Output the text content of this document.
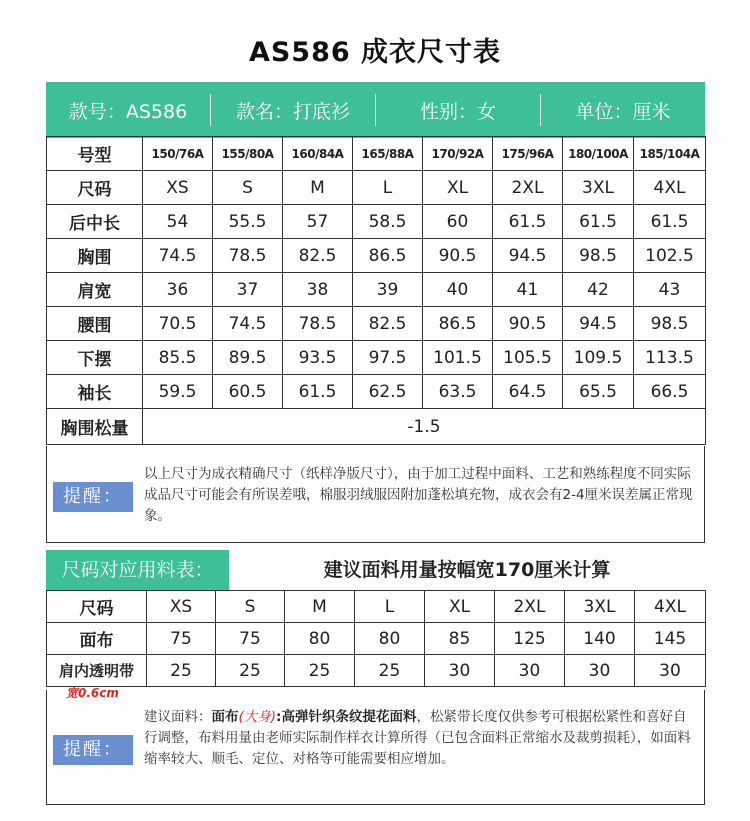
AS586 成衣尺寸表
款号：AS586	款名：打底衫	性别：女	单位：厘米
号型	150/76A	155/80A	160/84A	165/88A	170/92A	175/96A	180/100A	185/104A
尺码	XS	S	M	L	XL	2XL	3XL	4XL
后中长	54	55.5	57	58.5	60	61.5	61.5	61.5
胸围	74.5	78.5	82.5	86.5	90.5	94.5	98.5	102.5
肩宽	36	37	38	39	40	41	42	43
腰围	70.5	74.5	78.5	82.5	86.5	90.5	94.5	98.5
下摆	85.5	89.5	93.5	97.5	101.5	105.5	109.5	113.5
袖长	59.5	60.5	61.5	62.5	63.5	64.5	65.5	66.5
胸围松量	-1.5							
提醒：
以上尺寸为成衣精确尺寸（纸样净版尺寸），由于加工过程中面料、工艺和熟练程度不同实际成品尺寸可能会有所误差哦，棉服羽绒服因附加蓬松填充物，成衣会有2-4厘米误差属正常现象。
尺码对应用料表：	建议面料用量按幅宽170厘米计算
尺码	XS	S	M	L	XL	2XL	3XL	4XL
面布	75	75	80	80	85	125	140	145
肩内透明带	25	25	25	25	30	30	30	30
宽0.6cm
提醒：
建议面料：面布(大身):高弹针织条纹提花面料，松紧带长度仅供参考可根据松紧性和喜好自行调整，布料用量由老师实际制作样衣计算所得（已包含面料正常缩水及裁剪损耗），如面料缩率较大、顺毛、定位、对格等可能需要相应增加。
